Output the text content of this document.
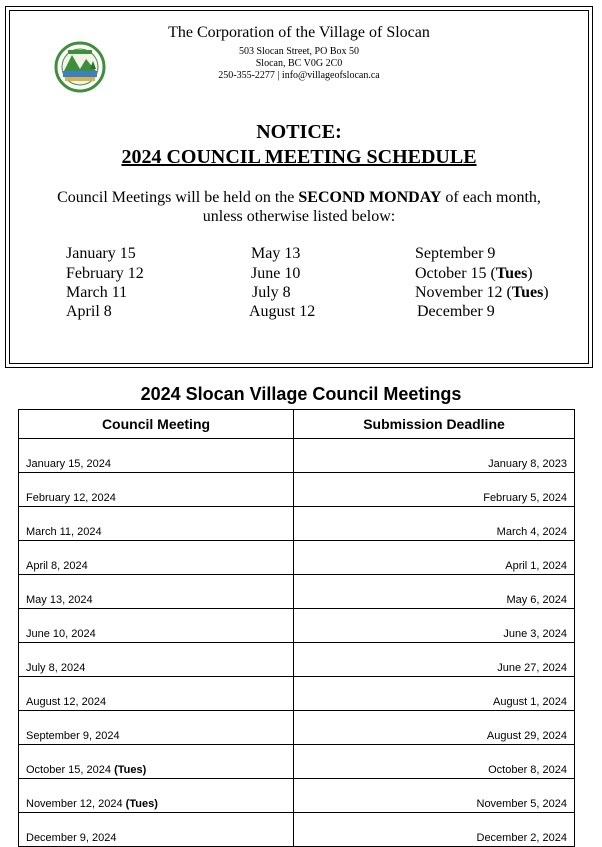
The Corporation of the Village of Slocan
503 Slocan Street, PO Box 50
Slocan, BC V0G 2C0
250-355-2277 | info@villageofslocan.ca
NOTICE:
2024 COUNCIL MEETING SCHEDULE
Council Meetings will be held on the SECOND MONDAY of each month,
unless otherwise listed below:
January 15
February 12
March 11
April 8
May 13
June 10
July 8
August 12
September 9
October 15 (Tues)
November 12 (Tues)
December 9
2024 Slocan Village Council Meetings
Council Meeting	Submission Deadline
January 15, 2024	January 8, 2023
February 12, 2024	February 5, 2024
March 11, 2024	March 4, 2024
April 8, 2024	April 1, 2024
May 13, 2024	May 6, 2024
June 10, 2024	June 3, 2024
July 8, 2024	June 27, 2024
August 12, 2024	August 1, 2024
September 9, 2024	August 29, 2024
October 15, 2024 (Tues)	October 8, 2024
November 12, 2024 (Tues)	November 5, 2024
December 9, 2024	December 2, 2024
